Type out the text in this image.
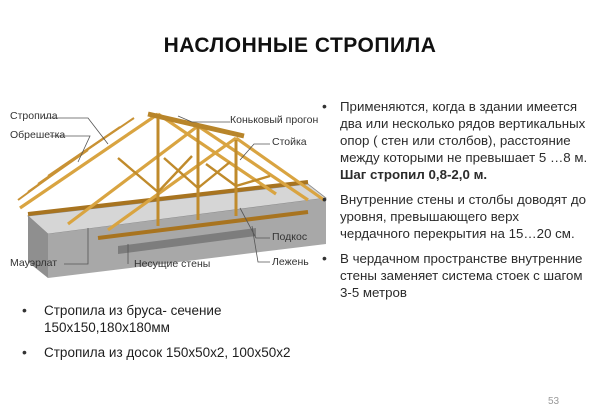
НАСЛОННЫЕ СТРОПИЛА
Стропила
Обрешетка
Коньковый прогон
Стойка
Подкос
Мауэрлат	Несущие стены	Лежень
• Применяются, когда в здании имеется два или несколько рядов вертикальных опор ( стен или столбов), расстояние между которыми не превышает 5 …8 м. Шаг стропил 0,8-2,0 м.
• Внутренние стены и столбы доводят до уровня, превышающего верх чердачного перекрытия на 15…20 см.
• В чердачном пространстве внутренние стены заменяет система стоек с шагом 3-5 метров
• Стропила из бруса- сечение 150х150,180х180мм
• Стропила из досок 150х50х2, 100х50х2
53
